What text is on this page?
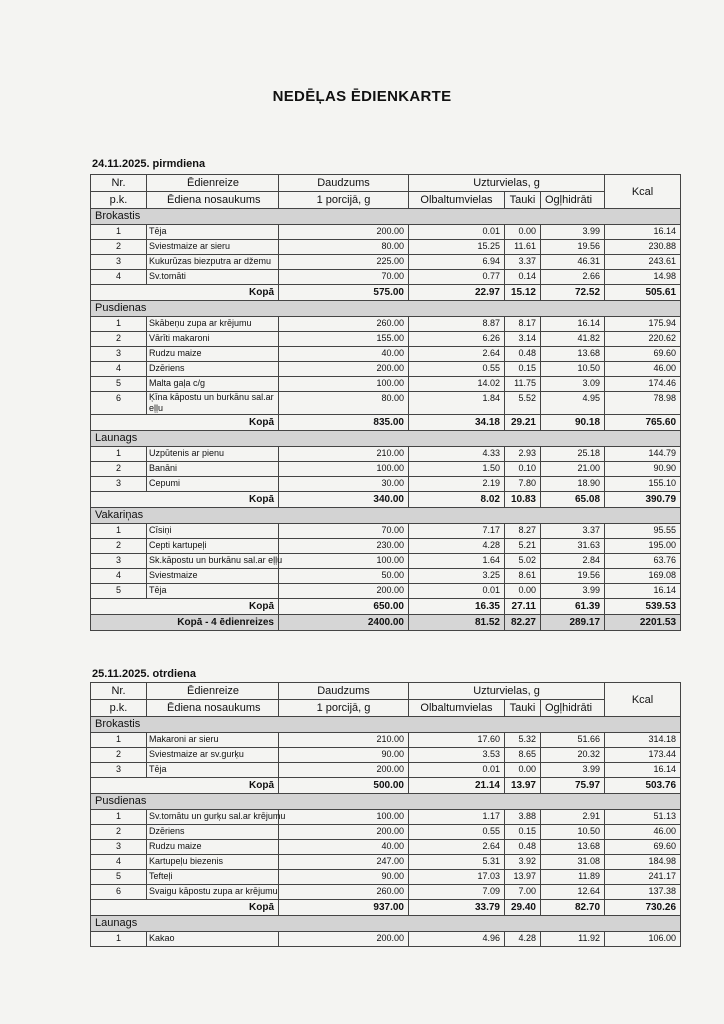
NEDĒĻAS ĒDIENKARTE
24.11.2025. pirmdiena
Nr.	Ēdienreize	Daudzums	Uzturvielas, g			Kcal
p.k.	Ēdiena nosaukums	1 porcijā, g	Olbaltumvielas	Tauki	Ogļhidrāti	
Brokastis						
1	Tēja	200.00	0.01	0.00	3.99	16.14
2	Sviestmaize ar sieru	80.00	15.25	11.61	19.56	230.88
3	Kukurūzas biezputra ar džemu	225.00	6.94	3.37	46.31	243.61
4	Sv.tomāti	70.00	0.77	0.14	2.66	14.98
Kopā		575.00	22.97	15.12	72.52	505.61
Pusdienas						
1	Skābeņu zupa ar krējumu	260.00	8.87	8.17	16.14	175.94
2	Vārīti makaroni	155.00	6.26	3.14	41.82	220.62
3	Rudzu maize	40.00	2.64	0.48	13.68	69.60
4	Dzēriens	200.00	0.55	0.15	10.50	46.00
5	Malta gaļa c/g	100.00	14.02	11.75	3.09	174.46
6	Ķīna kāpostu un burkānu sal.ar eļļu	80.00	1.84	5.52	4.95	78.98
Kopā		835.00	34.18	29.21	90.18	765.60
Launags						
1	Uzpūtenis ar pienu	210.00	4.33	2.93	25.18	144.79
2	Banāni	100.00	1.50	0.10	21.00	90.90
3	Cepumi	30.00	2.19	7.80	18.90	155.10
Kopā		340.00	8.02	10.83	65.08	390.79
Vakariņas						
1	Cīsiņi	70.00	7.17	8.27	3.37	95.55
2	Cepti kartupeļi	230.00	4.28	5.21	31.63	195.00
3	Sk.kāpostu un burkānu sal.ar eļļu	100.00	1.64	5.02	2.84	63.76
4	Sviestmaize	50.00	3.25	8.61	19.56	169.08
5	Tēja	200.00	0.01	0.00	3.99	16.14
Kopā		650.00	16.35	27.11	61.39	539.53
Kopā - 4 ēdienreizes		2400.00	81.52	82.27	289.17	2201.53
25.11.2025. otrdiena
Nr.	Ēdienreize	Daudzums	Uzturvielas, g			Kcal
p.k.	Ēdiena nosaukums	1 porcijā, g	Olbaltumvielas	Tauki	Ogļhidrāti	
Brokastis						
1	Makaroni ar sieru	210.00	17.60	5.32	51.66	314.18
2	Sviestmaize ar sv.gurķu	90.00	3.53	8.65	20.32	173.44
3	Tēja	200.00	0.01	0.00	3.99	16.14
Kopā		500.00	21.14	13.97	75.97	503.76
Pusdienas						
1	Sv.tomātu un gurķu sal.ar krējumu	100.00	1.17	3.88	2.91	51.13
2	Dzēriens	200.00	0.55	0.15	10.50	46.00
3	Rudzu maize	40.00	2.64	0.48	13.68	69.60
4	Kartupeļu biezenis	247.00	5.31	3.92	31.08	184.98
5	Tefteļi	90.00	17.03	13.97	11.89	241.17
6	Svaigu kāpostu zupa ar krējumu	260.00	7.09	7.00	12.64	137.38
Kopā		937.00	33.79	29.40	82.70	730.26
Launags						
1	Kakao	200.00	4.96	4.28	11.92	106.00
